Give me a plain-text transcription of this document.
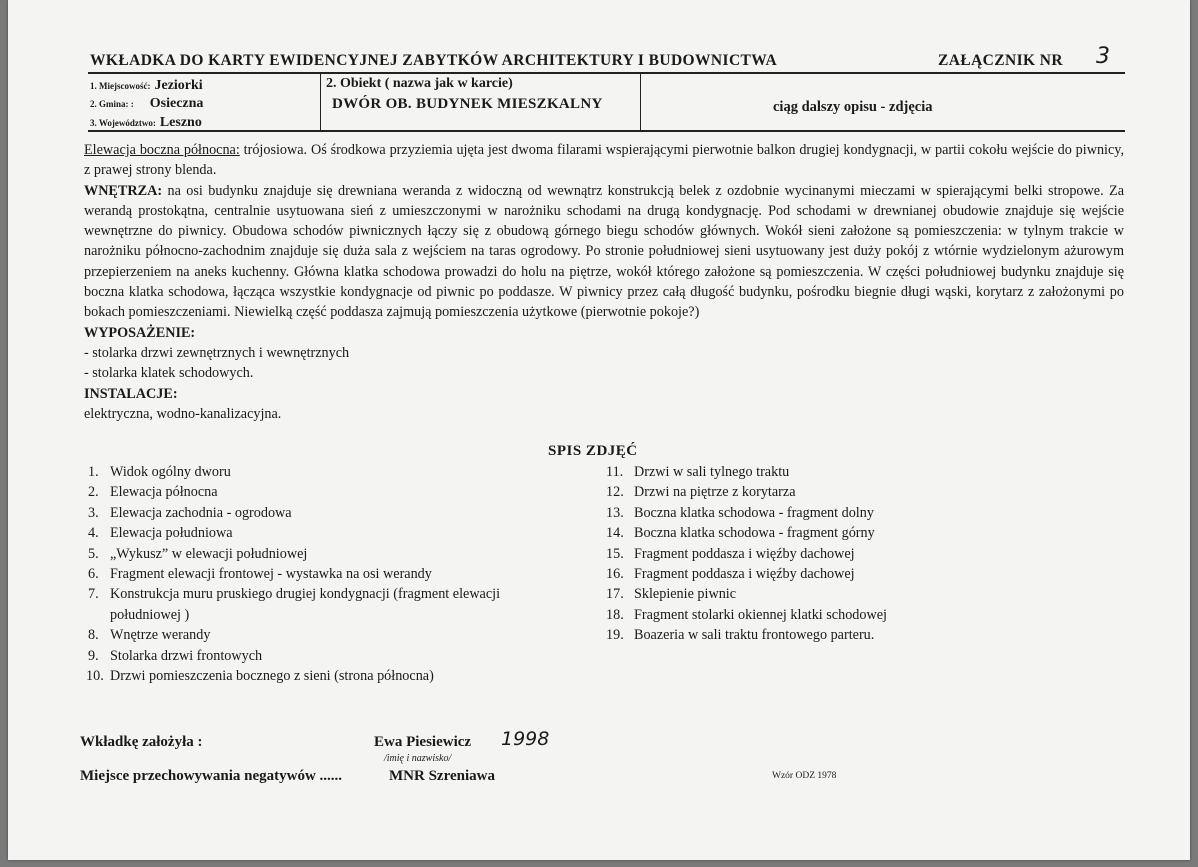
WKŁADKA DO KARTY EWIDENCYJNEJ ZABYTKÓW ARCHITEKTURY I BUDOWNICTWA	ZAŁĄCZNIK NR 3
1. Miejscowość: Jeziorki
2. Gmina: : Osieczna
3. Województwo: Leszno
2. Obiekt ( nazwa jak w karcie)
DWÓR OB. BUDYNEK MIESZKALNY	ciąg dalszy opisu - zdjęcia

Elewacja boczna północna: trójosiowa. Oś środkowa przyziemia ujęta jest dwoma filarami wspierającymi pierwotnie balkon drugiej kondygnacji, w partii cokołu wejście do piwnicy, z prawej strony blenda.

WNĘTRZA: na osi budynku znajduje się drewniana weranda z widoczną od wewnątrz konstrukcją belek z ozdobnie wycinanymi mieczami w spierającymi belki stropowe. Za werandą prostokątna, centralnie usytuowana sień z umieszczonymi w narożniku schodami na drugą kondygnację. Pod schodami w drewnianej obudowie znajduje się wejście wewnętrzne do piwnicy. Obudowa schodów piwnicznych łączy się z obudową górnego biegu schodów głównych. Wokół sieni założone są pomieszczenia: w tylnym trakcie w narożniku północno-zachodnim znajduje się duża sala z wejściem na taras ogrodowy. Po stronie południowej sieni usytuowany jest duży pokój z wtórnie wydzielonym ażurowym przepierzeniem na aneks kuchenny. Główna klatka schodowa prowadzi do holu na piętrze, wokół którego założone są pomieszczenia. W części południowej budynku znajduje się boczna klatka schodowa, łącząca wszystkie kondygnacje od piwnic po poddasze. W piwnicy przez całą długość budynku, pośrodku biegnie długi wąski, korytarz z założonymi po bokach pomieszczeniami. Niewielką część poddasza zajmują pomieszczenia użytkowe (pierwotnie pokoje?)

WYPOSAŻENIE:

- stolarka drzwi zewnętrznych i wewnętrznych

- stolarka klatek schodowych.

INSTALACJE:

elektryczna, wodno-kanalizacyjna.

SPIS ZDJĘĆ
1. Widok ogólny dworu
2. Elewacja północna
3. Elewacja zachodnia - ogrodowa
4. Elewacja południowa
5. „Wykusz” w elewacji południowej
6. Fragment elewacji frontowej - wystawka na osi werandy
7. Konstrukcja muru pruskiego drugiej kondygnacji (fragment elewacji południowej )
8. Wnętrze werandy
9. Stolarka drzwi frontowych
10. Drzwi pomieszczenia bocznego z sieni (strona północna)
11. Drzwi w sali tylnego traktu
12. Drzwi na piętrze z korytarza
13. Boczna klatka schodowa - fragment dolny
14. Boczna klatka schodowa - fragment górny
15. Fragment poddasza i więźby dachowej
16. Fragment poddasza i więźby dachowej
17. Sklepienie piwnic
18. Fragment stolarki okiennej klatki schodowej
19. Boazeria w sali traktu frontowego parteru.
Wkładkę założyła :	Ewa Piesiewicz 1998
/imię i nazwisko/
Miejsce przechowywania negatywów ......	MNR Szreniawa	Wzór ODZ 1978
